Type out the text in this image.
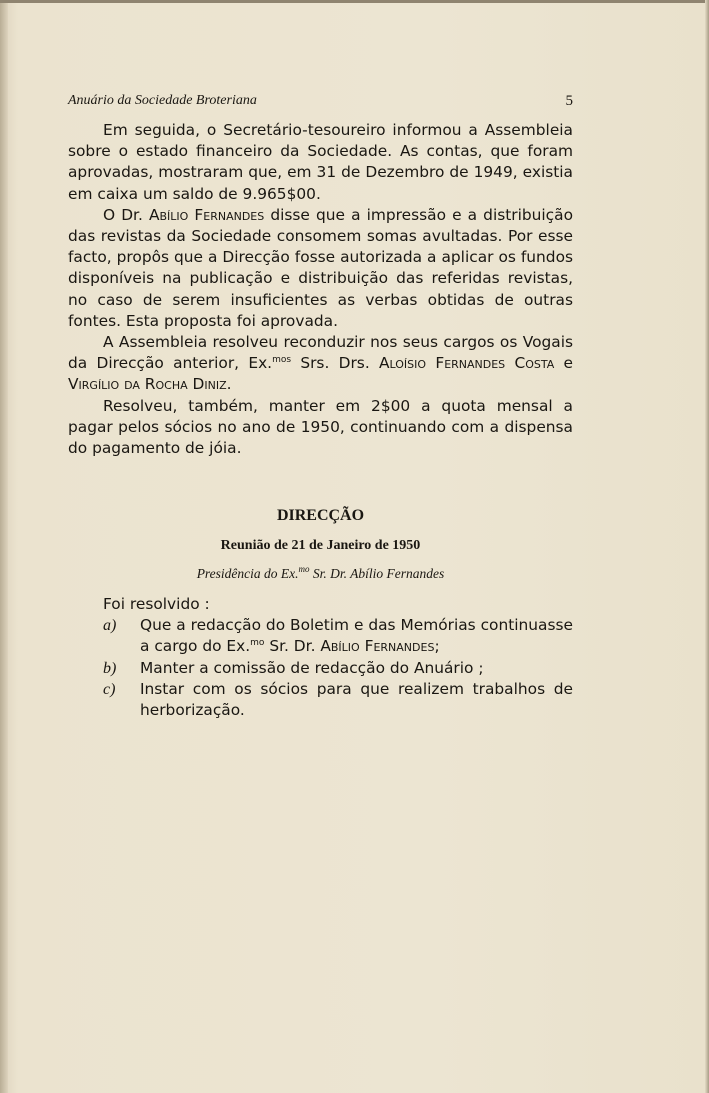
Anuário da Sociedade Broteriana	5

Em seguida, o Secretário-tesoureiro informou a Assembleia sobre o estado financeiro da Sociedade. As contas, que foram aprovadas, mostraram que, em 31 de Dezembro de 1949, existia em caixa um saldo de 9.965$00.

O Dr. Abílio Fernandes disse que a impressão e a distribuição das revistas da Sociedade consomem somas avultadas. Por esse facto, propôs que a Direcção fosse autorizada a aplicar os fundos disponíveis na publicação e distribuição das referidas revistas, no caso de serem insuficientes as verbas obtidas de outras fontes. Esta proposta foi aprovada.

A Assembleia resolveu reconduzir nos seus cargos os Vogais da Direcção anterior, Ex.$^{mos}$ Srs. Drs. Aloísio Fernandes Costa e Virgílio da Rocha Diniz.

Resolveu, também, manter em 2$00 a quota mensal a pagar pelos sócios no ano de 1950, continuando com a dispensa do pagamento de jóia.

DIRECÇÃO
Reunião de 21 de Janeiro de 1950
Presidência do Ex.$^{mo}$ Sr. Dr. Abílio Fernandes
Foi resolvido :
a) Que a redacção do Boletim e das Memórias continuasse a cargo do Ex.$^{mo}$ Sr. Dr. Abílio Fernandes;
b) Manter a comissão de redacção do Anuário ;
c) Instar com os sócios para que realizem trabalhos de herborização.
